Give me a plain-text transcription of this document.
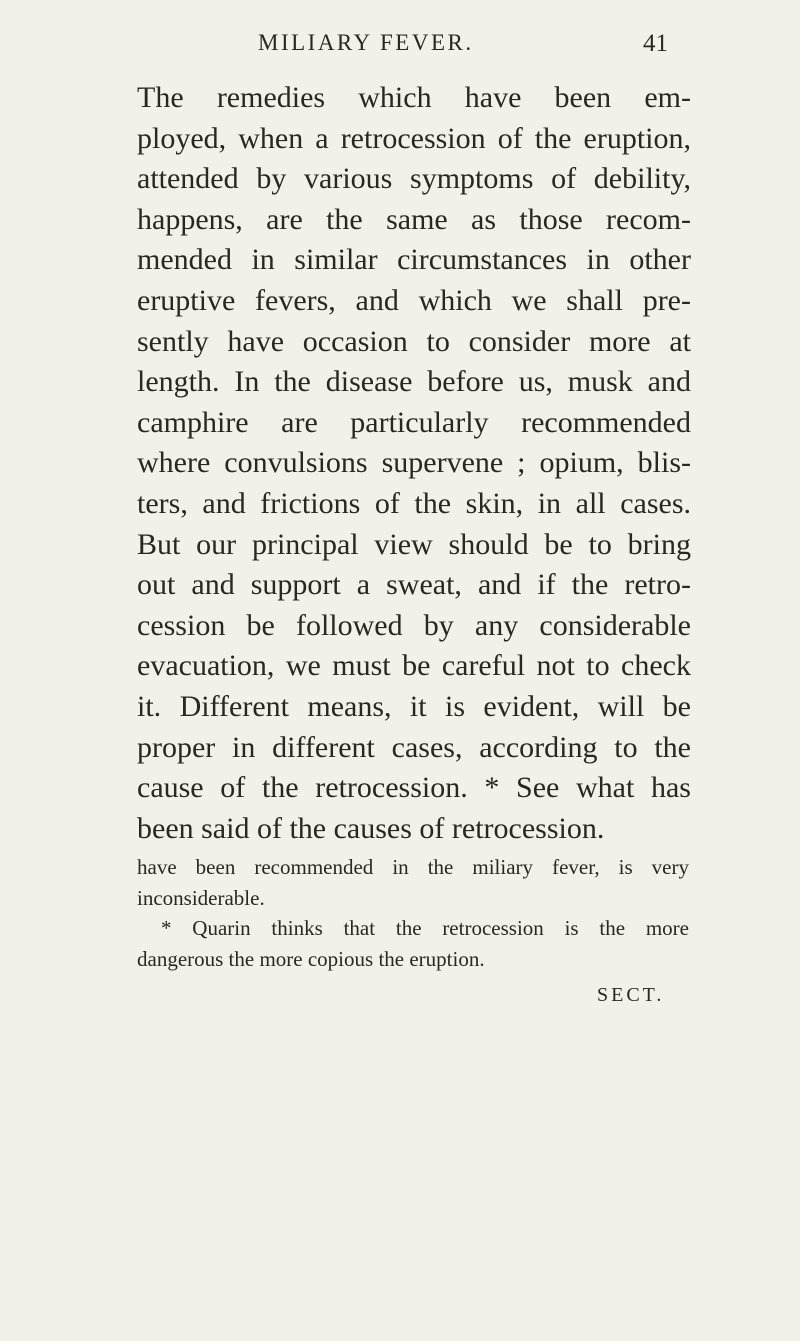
MILIARY FEVER.	41
The remedies which have been em-
ployed, when a retrocession of the eruption,
attended by various symptoms of debility,
happens, are the same as those recom-
mended in similar circumstances in other
eruptive fevers, and which we shall pre-
sently have occasion to consider more at
length. In the disease before us, musk and
camphire are particularly recommended
where convulsions supervene ; opium, blis-
ters, and frictions of the skin, in all cases.
But our principal view should be to bring
out and support a sweat, and if the retro-
cession be followed by any considerable
evacuation, we must be careful not to check
it. Different means, it is evident, will be
proper in different cases, according to the
cause of the retrocession. * See what has
been said of the causes of retrocession.
have been recommended in the miliary fever, is very
inconsiderable.
* Quarin thinks that the retrocession is the more
dangerous the more copious the eruption.
SECT.
